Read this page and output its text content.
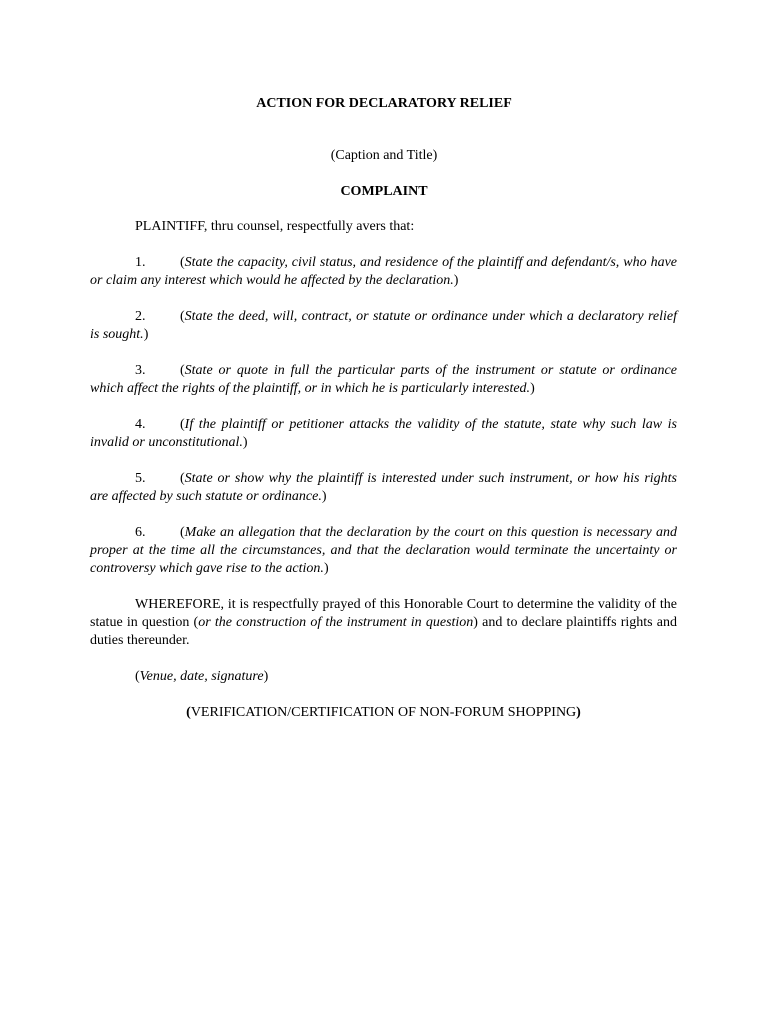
ACTION FOR DECLARATORY RELIEF
(Caption and Title)
COMPLAINT

PLAINTIFF, thru counsel, respectfully avers that:

1. (State the capacity, civil status, and residence of the plaintiff and defendant/s, who have or claim any interest which would he affected by the declaration.)

2. (State the deed, will, contract, or statute or ordinance under which a declaratory relief is sought.)

3. (State or quote in full the particular parts of the instrument or statute or ordinance which affect the rights of the plaintiff, or in which he is particularly interested.)

4. (If the plaintiff or petitioner attacks the validity of the statute, state why such law is invalid or unconstitutional.)

5. (State or show why the plaintiff is interested under such instrument, or how his rights are affected by such statute or ordinance.)

6. (Make an allegation that the declaration by the court on this question is necessary and proper at the time all the circumstances, and that the declaration would terminate the uncertainty or controversy which gave rise to the action.)

WHEREFORE, it is respectfully prayed of this Honorable Court to determine the validity of the statue in question (or the construction of the instrument in question) and to declare plaintiffs rights and duties thereunder.

(Venue, date, signature)

(VERIFICATION/CERTIFICATION OF NON-FORUM SHOPPING)
